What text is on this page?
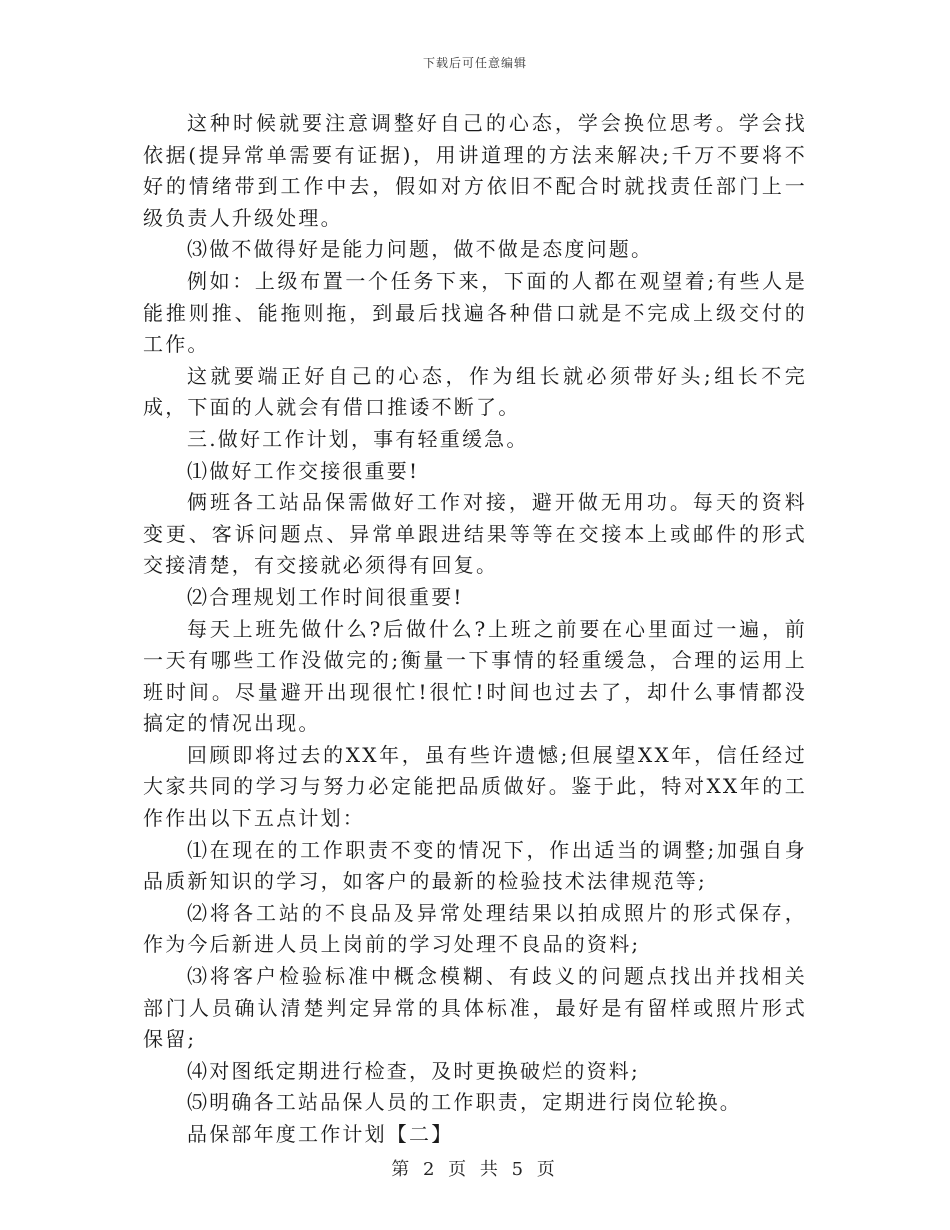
下载后可任意编辑

这种时候就要注意调整好自己的心态，学会换位思考。学会找依据(提异常单需要有证据)，用讲道理的方法来解决;千万不要将不好的情绪带到工作中去，假如对方依旧不配合时就找责任部门上一级负责人升级处理。

⑶做不做得好是能力问题，做不做是态度问题。

例如：上级布置一个任务下来，下面的人都在观望着;有些人是能推则推、能拖则拖，到最后找遍各种借口就是不完成上级交付的工作。

这就要端正好自己的心态，作为组长就必须带好头;组长不完成，下面的人就会有借口推诿不断了。

三.做好工作计划，事有轻重缓急。

⑴做好工作交接很重要!

俩班各工站品保需做好工作对接，避开做无用功。每天的资料变更、客诉问题点、异常单跟进结果等等在交接本上或邮件的形式交接清楚，有交接就必须得有回复。

⑵合理规划工作时间很重要!

每天上班先做什么?后做什么?上班之前要在心里面过一遍，前一天有哪些工作没做完的;衡量一下事情的轻重缓急，合理的运用上班时间。尽量避开出现很忙!很忙!时间也过去了，却什么事情都没搞定的情况出现。

回顾即将过去的XX年，虽有些许遗憾;但展望XX年，信任经过大家共同的学习与努力必定能把品质做好。鉴于此，特对XX年的工作作出以下五点计划：

⑴在现在的工作职责不变的情况下，作出适当的调整;加强自身品质新知识的学习，如客户的最新的检验技术法律规范等;

⑵将各工站的不良品及异常处理结果以拍成照片的形式保存，作为今后新进人员上岗前的学习处理不良品的资料;

⑶将客户检验标准中概念模糊、有歧义的问题点找出并找相关部门人员确认清楚判定异常的具体标准，最好是有留样或照片形式保留;

⑷对图纸定期进行检查，及时更换破烂的资料;

⑸明确各工站品保人员的工作职责，定期进行岗位轮换。

品保部年度工作计划【二】

第 2 页 共 5 页
